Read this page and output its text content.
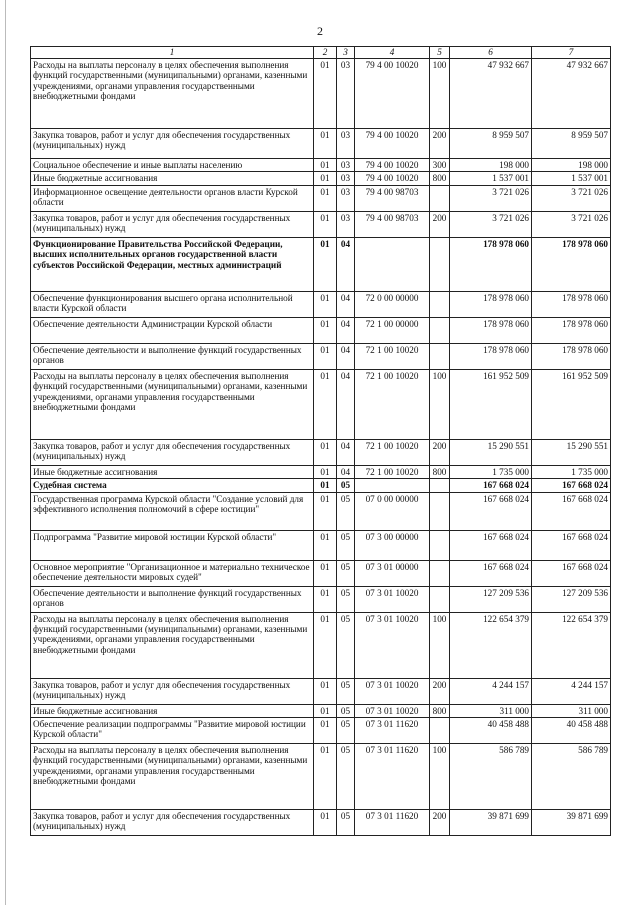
2
1	2	3	4	5	6	7
Расходы на выплаты персоналу в целях обеспечения выполнения функций государственными (муниципальными) органами, казенными учреждениями, органами управления государственными внебюджетными фондами	01	03	79 4 00 10020	100	47 932 667	47 932 667
Закупка товаров, работ и услуг для обеспечения государственных (муниципальных) нужд	01	03	79 4 00 10020	200	8 959 507	8 959 507
Социальное обеспечение и иные выплаты населению	01	03	79 4 00 10020	300	198 000	198 000
Иные бюджетные ассигнования	01	03	79 4 00 10020	800	1 537 001	1 537 001
Информационное освещение деятельности органов власти Курской области	01	03	79 4 00 98703		3 721 026	3 721 026
Закупка товаров, работ и услуг для обеспечения государственных (муниципальных) нужд	01	03	79 4 00 98703	200	3 721 026	3 721 026
Функционирование Правительства Российской Федерации, высших исполнительных органов государственной власти субъектов Российской Федерации, местных администраций	01	04			178 978 060	178 978 060
Обеспечение функционирования высшего органа исполнительной власти Курской области	01	04	72 0 00 00000		178 978 060	178 978 060
Обеспечение деятельности Администрации Курской области	01	04	72 1 00 00000		178 978 060	178 978 060
Обеспечение деятельности и выполнение функций государственных органов	01	04	72 1 00 10020		178 978 060	178 978 060
Расходы на выплаты персоналу в целях обеспечения выполнения функций государственными (муниципальными) органами, казенными учреждениями, органами управления государственными внебюджетными фондами	01	04	72 1 00 10020	100	161 952 509	161 952 509
Закупка товаров, работ и услуг для обеспечения государственных (муниципальных) нужд	01	04	72 1 00 10020	200	15 290 551	15 290 551
Иные бюджетные ассигнования	01	04	72 1 00 10020	800	1 735 000	1 735 000
Судебная система	01	05			167 668 024	167 668 024
Государственная программа Курской области "Создание условий для эффективного исполнения полномочий в сфере юстиции"	01	05	07 0 00 00000		167 668 024	167 668 024
Подпрограмма "Развитие мировой юстиции Курской области"	01	05	07 3 00 00000		167 668 024	167 668 024
Основное мероприятие "Организационное и материально техническое обеспечение деятельности мировых судей"	01	05	07 3 01 00000		167 668 024	167 668 024
Обеспечение деятельности и выполнение функций государственных органов	01	05	07 3 01 10020		127 209 536	127 209 536
Расходы на выплаты персоналу в целях обеспечения выполнения функций государственными (муниципальными) органами, казенными учреждениями, органами управления государственными внебюджетными фондами	01	05	07 3 01 10020	100	122 654 379	122 654 379
Закупка товаров, работ и услуг для обеспечения государственных (муниципальных) нужд	01	05	07 3 01 10020	200	4 244 157	4 244 157
Иные бюджетные ассигнования	01	05	07 3 01 10020	800	311 000	311 000
Обеспечение реализации подпрограммы "Развитие мировой юстиции Курской области"	01	05	07 3 01 11620		40 458 488	40 458 488
Расходы на выплаты персоналу в целях обеспечения выполнения функций государственными (муниципальными) органами, казенными учреждениями, органами управления государственными внебюджетными фондами	01	05	07 3 01 11620	100	586 789	586 789
Закупка товаров, работ и услуг для обеспечения государственных (муниципальных) нужд	01	05	07 3 01 11620	200	39 871 699	39 871 699
